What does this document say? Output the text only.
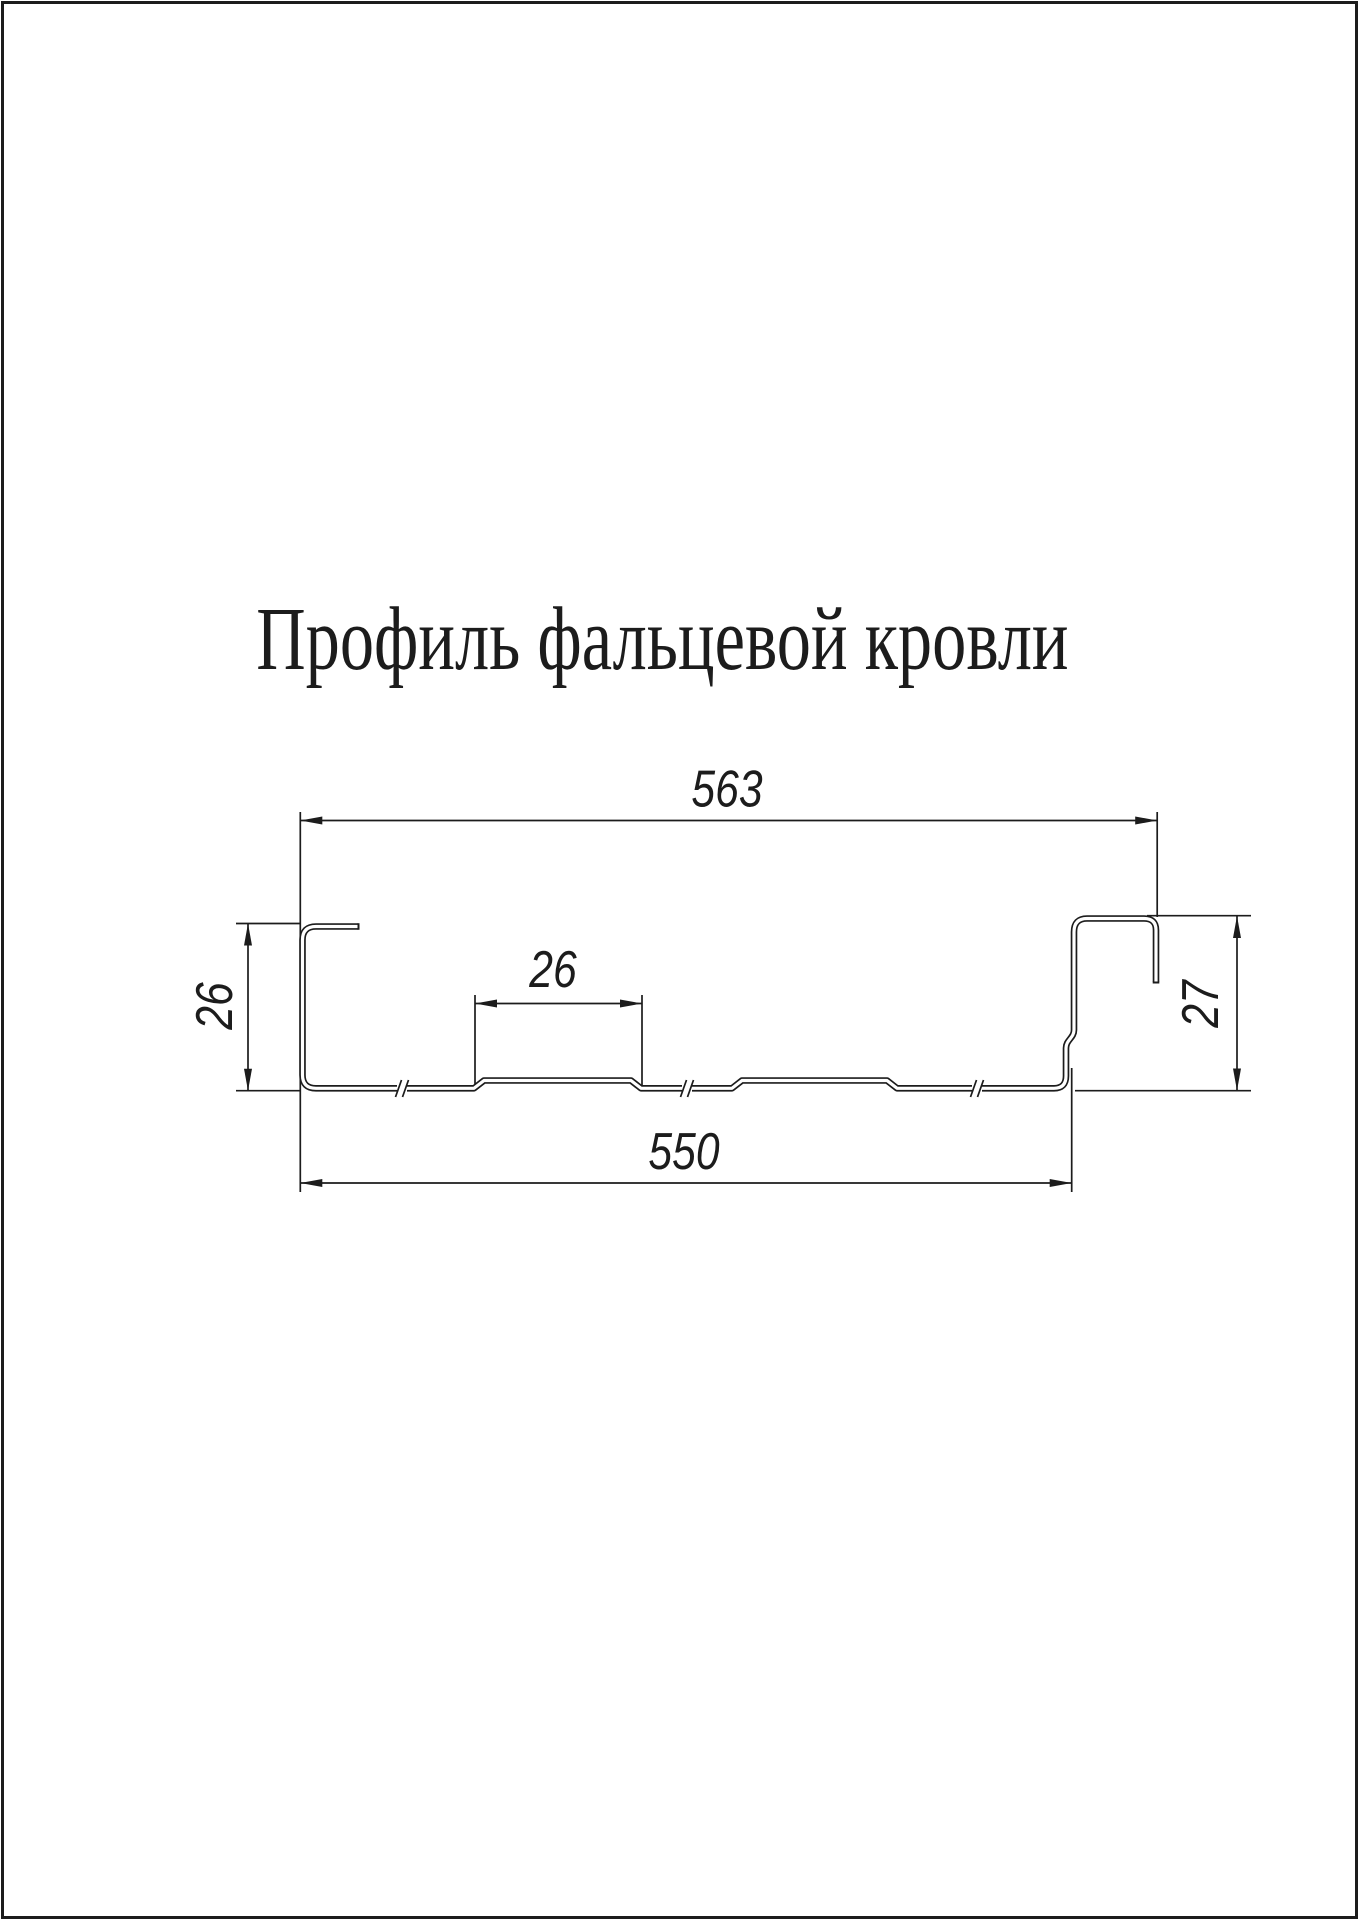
Профиль фальцевой кровли
563
550
26
26
27
